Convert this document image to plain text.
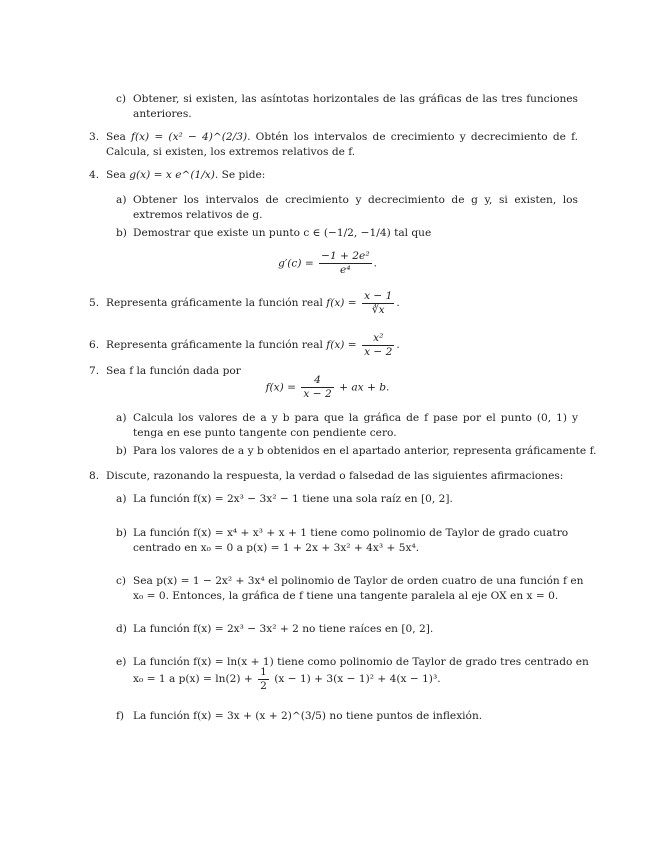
c) Obtener, si existen, las asíntotas horizontales de las gráficas de las tres funciones anteriores.
3. Sea f(x) = (x² − 4)^(2/3). Obtén los intervalos de crecimiento y decrecimiento de f. Calcula, si existen, los extremos relativos de f.
4. Sea g(x) = x e^(1/x). Se pide:
a) Obtener los intervalos de crecimiento y decrecimiento de g y, si existen, los extremos relativos de g.
b) Demostrar que existe un punto c ∈ (−1/2, −1/4) tal que
$g'(c) = \frac{\text{−1 + 2e²}}{\text{e⁴}}$ .
5. Representa gráficamente la función real $f(x) = \frac{x - 1}{∛x}$ .
6. Representa gráficamente la función real $f(x) = \frac{\text{x²}}{x - 2}$ .
7. Sea f la función dada por
$f(x) = \frac{4}{x - 2}$ + ax + b.
a) Calcula los valores de a y b para que la gráfica de f pase por el punto (0, 1) y tenga en ese punto tangente con pendiente cero.
b) Para los valores de a y b obtenidos en el apartado anterior, representa gráficamente f.
8. Discute, razonando la respuesta, la verdad o falsedad de las siguientes afirmaciones:
a) La función f(x) = 2x³ − 3x² − 1 tiene una sola raíz en [0, 2].
b) La función f(x) = x⁴ + x³ + x + 1 tiene como polinomio de Taylor de grado cuatro
centrado en x₀ = 0 a p(x) = 1 + 2x + 3x² + 4x³ + 5x⁴.
c) Sea p(x) = 1 − 2x² + 3x⁴ el polinomio de Taylor de orden cuatro de una función f en
x₀ = 0. Entonces, la gráfica de f tiene una tangente paralela al eje OX en x = 0.
d) La función f(x) = 2x³ − 3x² + 2 no tiene raíces en [0, 2].
e) La función f(x) = ln(x + 1) tiene como polinomio de Taylor de grado tres centrado en
x₀ = 1 a $p(x) = \ln(2) + \frac{1}{2} (x - 1) + 3(x - 1)^2 + 4(x - 1)^3$.
f) La función f(x) = 3x + (x + 2)^(3/5) no tiene puntos de inflexión.
